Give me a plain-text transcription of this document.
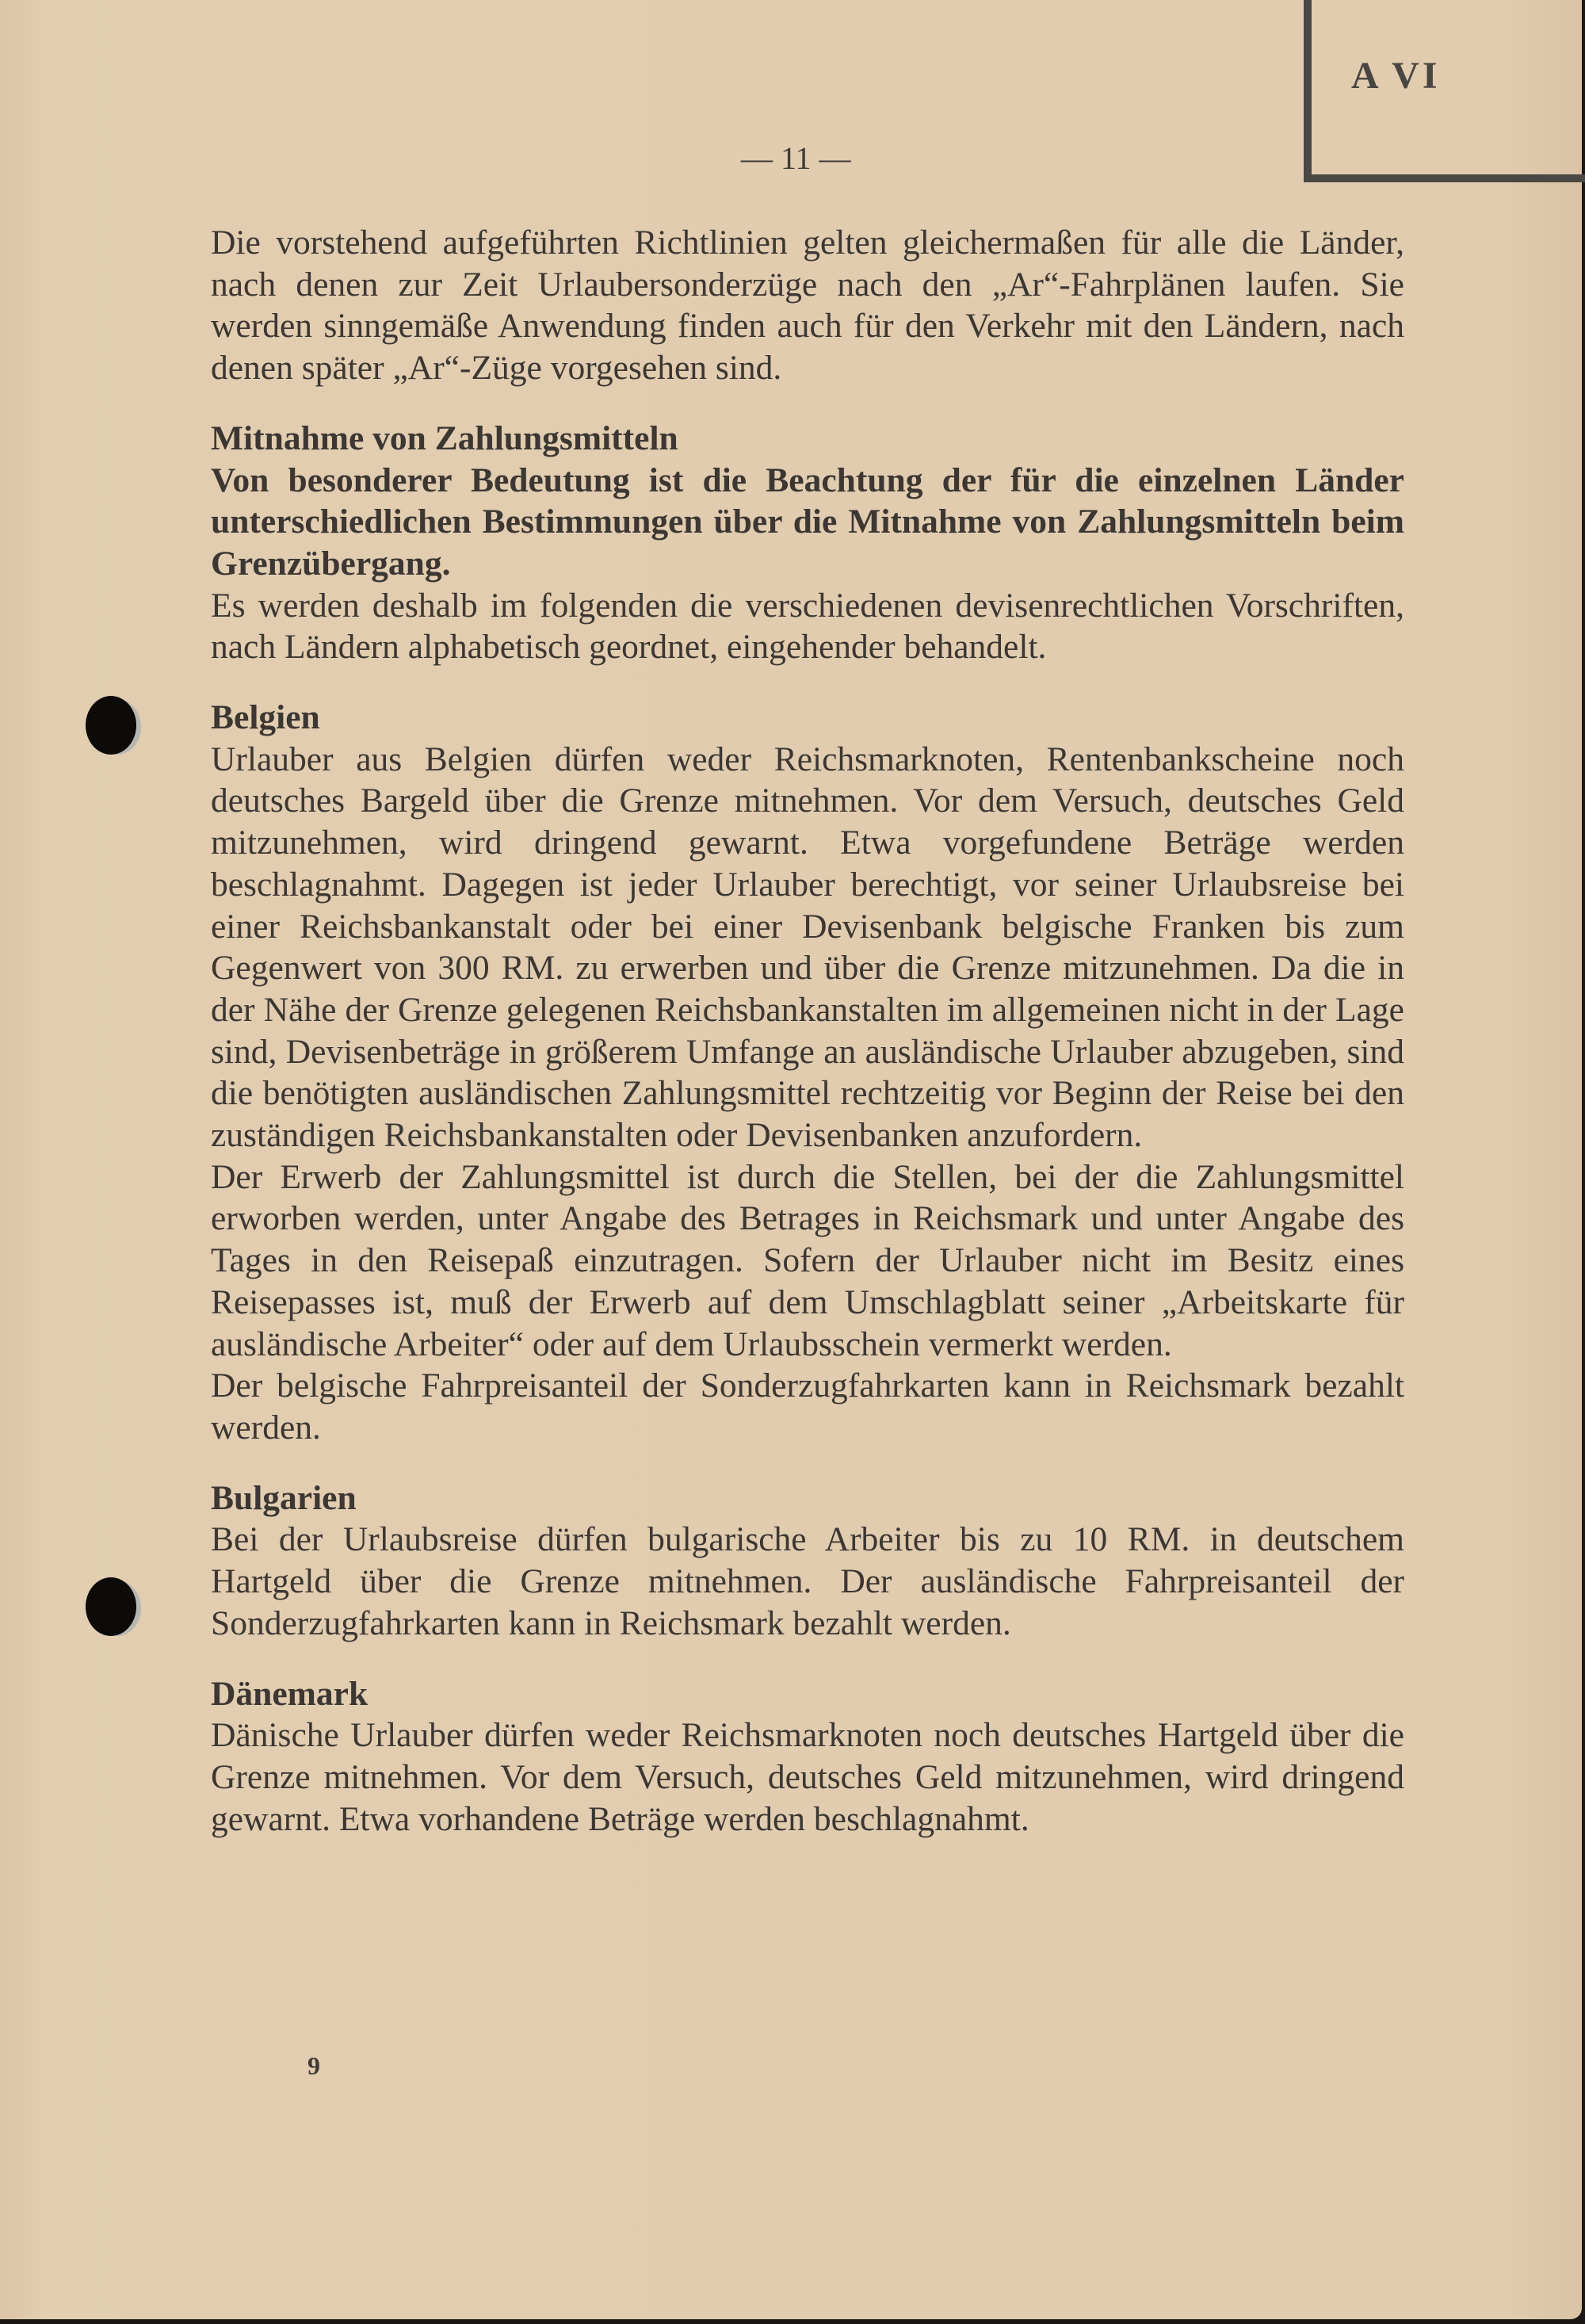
A VI
— 11 —

Die vorstehend aufgeführten Richtlinien gelten gleichermaßen für alle die Länder, nach denen zur Zeit Urlaubersonderzüge nach den „Ar“-Fahrplänen laufen. Sie werden sinngemäße Anwendung finden auch für den Verkehr mit den Ländern, nach denen später „Ar“-Züge vorgesehen sind.

Mitnahme von Zahlungsmitteln

Von besonderer Bedeutung ist die Beachtung der für die einzelnen Länder unterschiedlichen Bestimmungen über die Mitnahme von Zahlungsmitteln beim Grenzübergang.

Es werden deshalb im folgenden die verschiedenen devisenrechtlichen Vorschriften, nach Ländern alphabetisch geordnet, eingehender behandelt.

Belgien

Urlauber aus Belgien dürfen weder Reichsmarknoten, Rentenbankscheine noch deutsches Bargeld über die Grenze mitnehmen. Vor dem Versuch, deutsches Geld mitzunehmen, wird dringend gewarnt. Etwa vorgefundene Beträge werden beschlagnahmt. Dagegen ist jeder Urlauber berechtigt, vor seiner Urlaubsreise bei einer Reichsbankanstalt oder bei einer Devisenbank belgische Franken bis zum Gegenwert von 300 RM. zu erwerben und über die Grenze mitzunehmen. Da die in der Nähe der Grenze gelegenen Reichsbankanstalten im allgemeinen nicht in der Lage sind, Devisenbeträge in größerem Umfange an ausländische Urlauber abzugeben, sind die benötigten ausländischen Zahlungsmittel rechtzeitig vor Beginn der Reise bei den zuständigen Reichsbankanstalten oder Devisenbanken anzufordern.

Der Erwerb der Zahlungsmittel ist durch die Stellen, bei der die Zahlungsmittel erworben werden, unter Angabe des Betrages in Reichsmark und unter Angabe des Tages in den Reisepaß einzutragen. Sofern der Urlauber nicht im Besitz eines Reisepasses ist, muß der Erwerb auf dem Umschlagblatt seiner „Arbeitskarte für ausländische Arbeiter“ oder auf dem Urlaubsschein vermerkt werden.

Der belgische Fahrpreisanteil der Sonderzugfahrkarten kann in Reichsmark bezahlt werden.

Bulgarien

Bei der Urlaubsreise dürfen bulgarische Arbeiter bis zu 10 RM. in deutschem Hartgeld über die Grenze mitnehmen. Der ausländische Fahrpreisanteil der Sonderzugfahrkarten kann in Reichsmark bezahlt werden.

Dänemark

Dänische Urlauber dürfen weder Reichsmarknoten noch deutsches Hartgeld über die Grenze mitnehmen. Vor dem Versuch, deutsches Geld mitzunehmen, wird dringend gewarnt. Etwa vorhandene Beträge werden beschlagnahmt.

9
